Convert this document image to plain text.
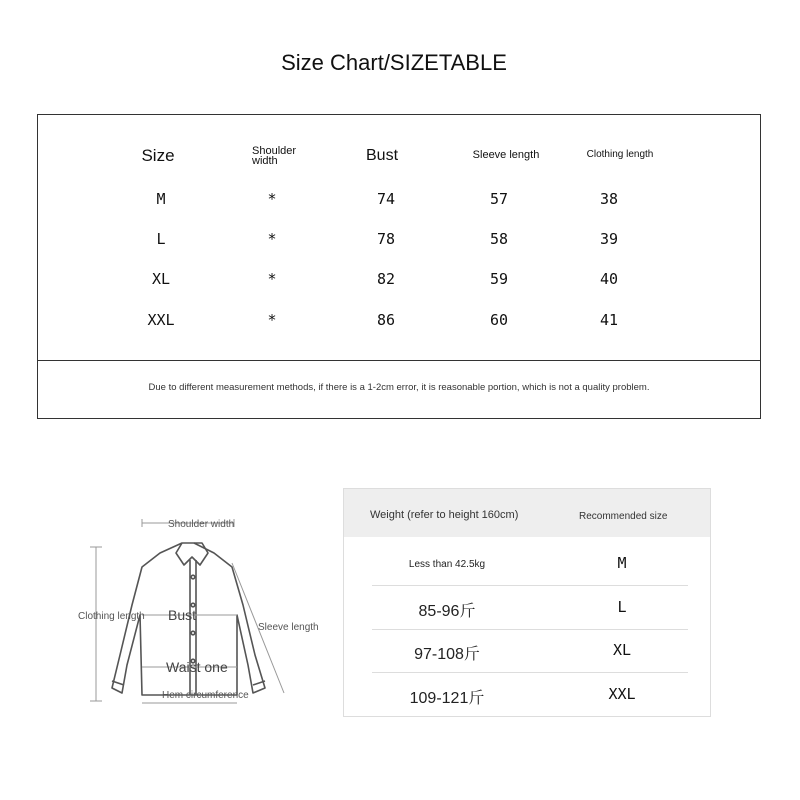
Size Chart/SIZETABLE
Size	Shoulder width	Bust	Sleeve length	Clothing length
M	*	74	57	38
L	*	78	58	39
XL	*	82	59	40
XXL	*	86	60	41
Due to different measurement methods, if there is a 1-2cm error, it is reasonable portion, which is not a quality problem.
Shoulder width
Clothing length Bust
Sleeve length
Waist one
Hem circumference
Weight (refer to height 160cm)	Recommended size
Less than 42.5kg	M
85-96斤	L
97-108斤	XL
109-121斤	XXL
